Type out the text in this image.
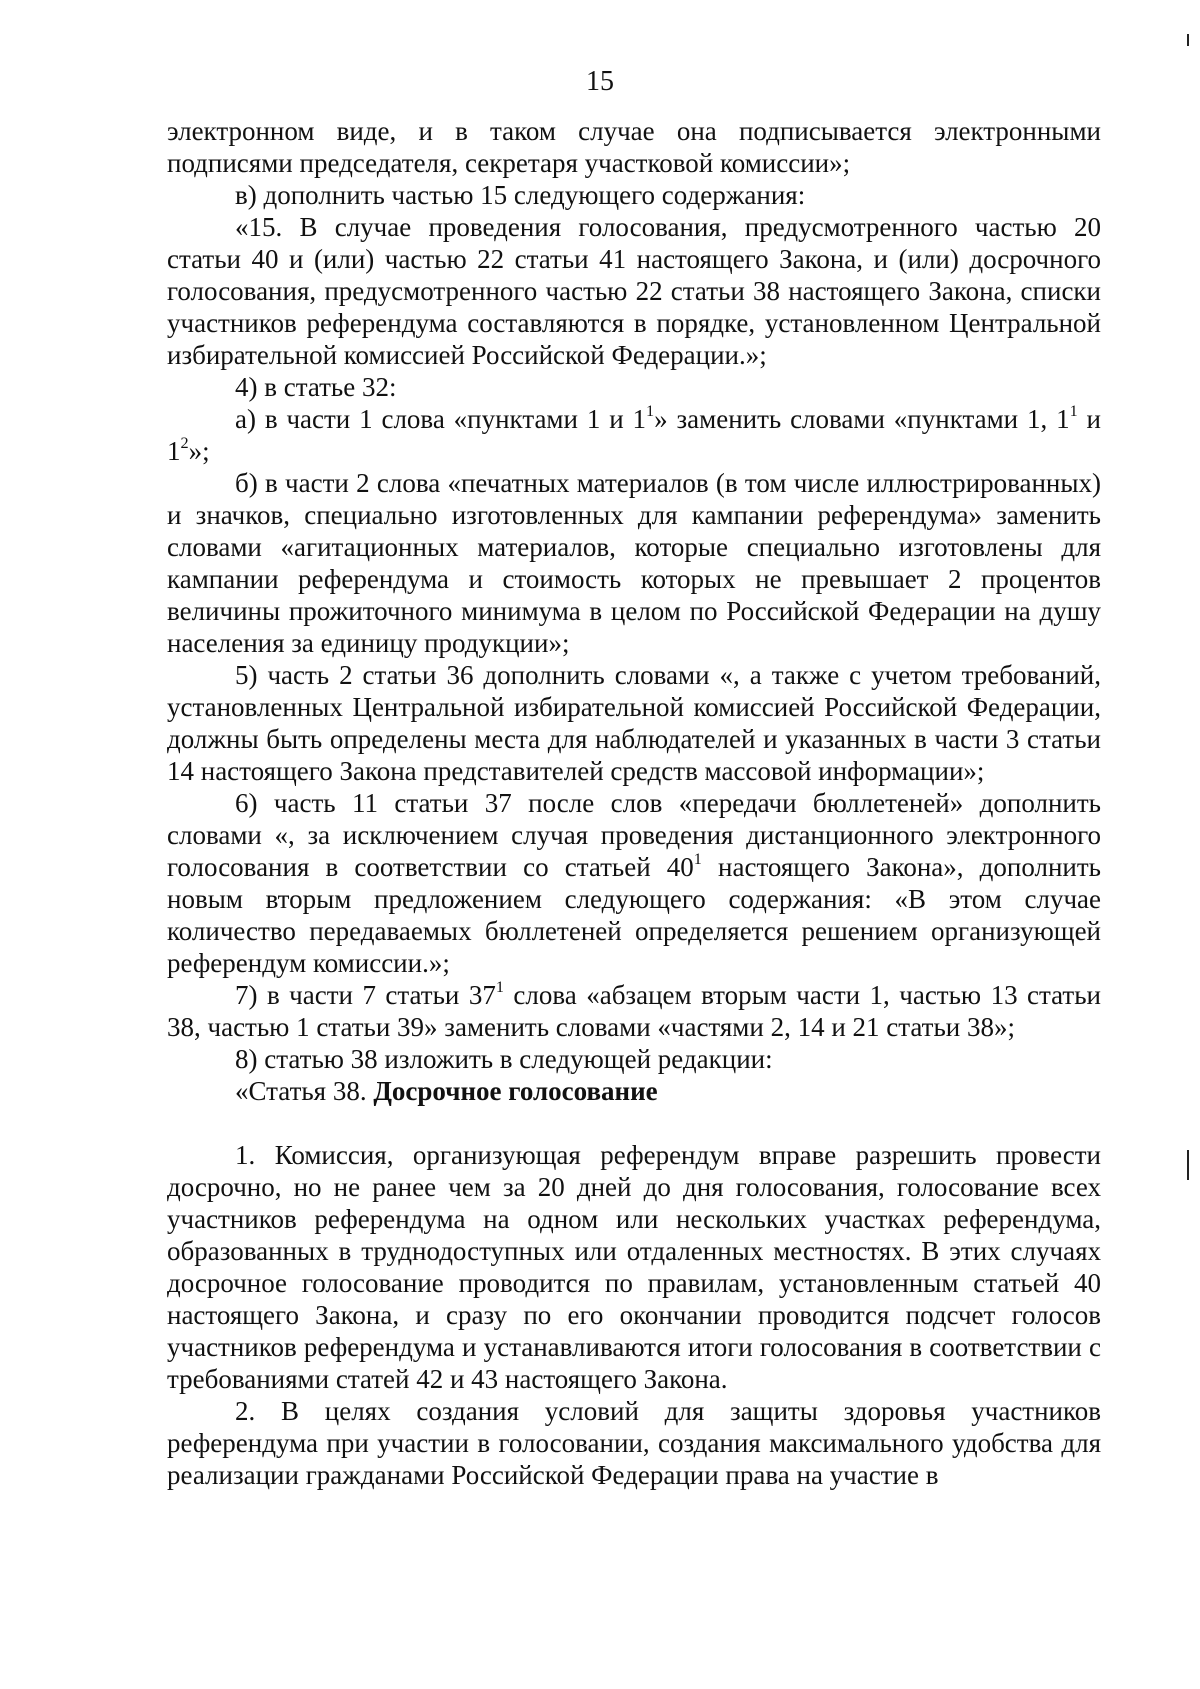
15

электронном виде, и в таком случае она подписывается электронными подписями председателя, секретаря участковой комиссии»;

в) дополнить частью 15 следующего содержания:

«15. В случае проведения голосования, предусмотренного частью 20 статьи 40 и (или) частью 22 статьи 41 настоящего Закона, и (или) досрочного голосования, предусмотренного частью 22 статьи 38 настоящего Закона, списки участников референдума составляются в порядке, установленном Центральной избирательной комиссией Российской Федерации.»;

4) в статье 32:

а) в части 1 слова «пунктами 1 и $1^1$» заменить словами «пунктами 1, $1^1$ и $1^2$»;

б) в части 2 слова «печатных материалов (в том числе иллюстрированных) и значков, специально изготовленных для кампании референдума» заменить словами «агитационных материалов, которые специально изготовлены для кампании референдума и стоимость которых не превышает 2 процентов величины прожиточного минимума в целом по Российской Федерации на душу населения за единицу продукции»;

5) часть 2 статьи 36 дополнить словами «, а также с учетом требований, установленных Центральной избирательной комиссией Российской Федерации, должны быть определены места для наблюдателей и указанных в части 3 статьи 14 настоящего Закона представителей средств массовой информации»;

6) часть 11 статьи 37 после слов «передачи бюллетеней» дополнить словами «, за исключением случая проведения дистанционного электронного голосования в соответствии со статьей $40^1$ настоящего Закона», дополнить новым вторым предложением следующего содержания: «В этом случае количество передаваемых бюллетеней определяется решением организующей референдум комиссии.»;

7) в части 7 статьи $37^1$ слова «абзацем вторым части 1, частью 13 статьи 38, частью 1 статьи 39» заменить словами «частями 2, 14 и 21 статьи 38»;

8) статью 38 изложить в следующей редакции:

«Статья 38. Досрочное голосование

1. Комиссия, организующая референдум вправе разрешить провести досрочно, но не ранее чем за 20 дней до дня голосования, голосование всех участников референдума на одном или нескольких участках референдума, образованных в труднодоступных или отдаленных местностях. В этих случаях досрочное голосование проводится по правилам, установленным статьей 40 настоящего Закона, и сразу по его окончании проводится подсчет голосов участников референдума и устанавливаются итоги голосования в соответствии с требованиями статей 42 и 43 настоящего Закона.

2. В целях создания условий для защиты здоровья участников референдума при участии в голосовании, создания максимального удобства для реализации гражданами Российской Федерации права на участие в
